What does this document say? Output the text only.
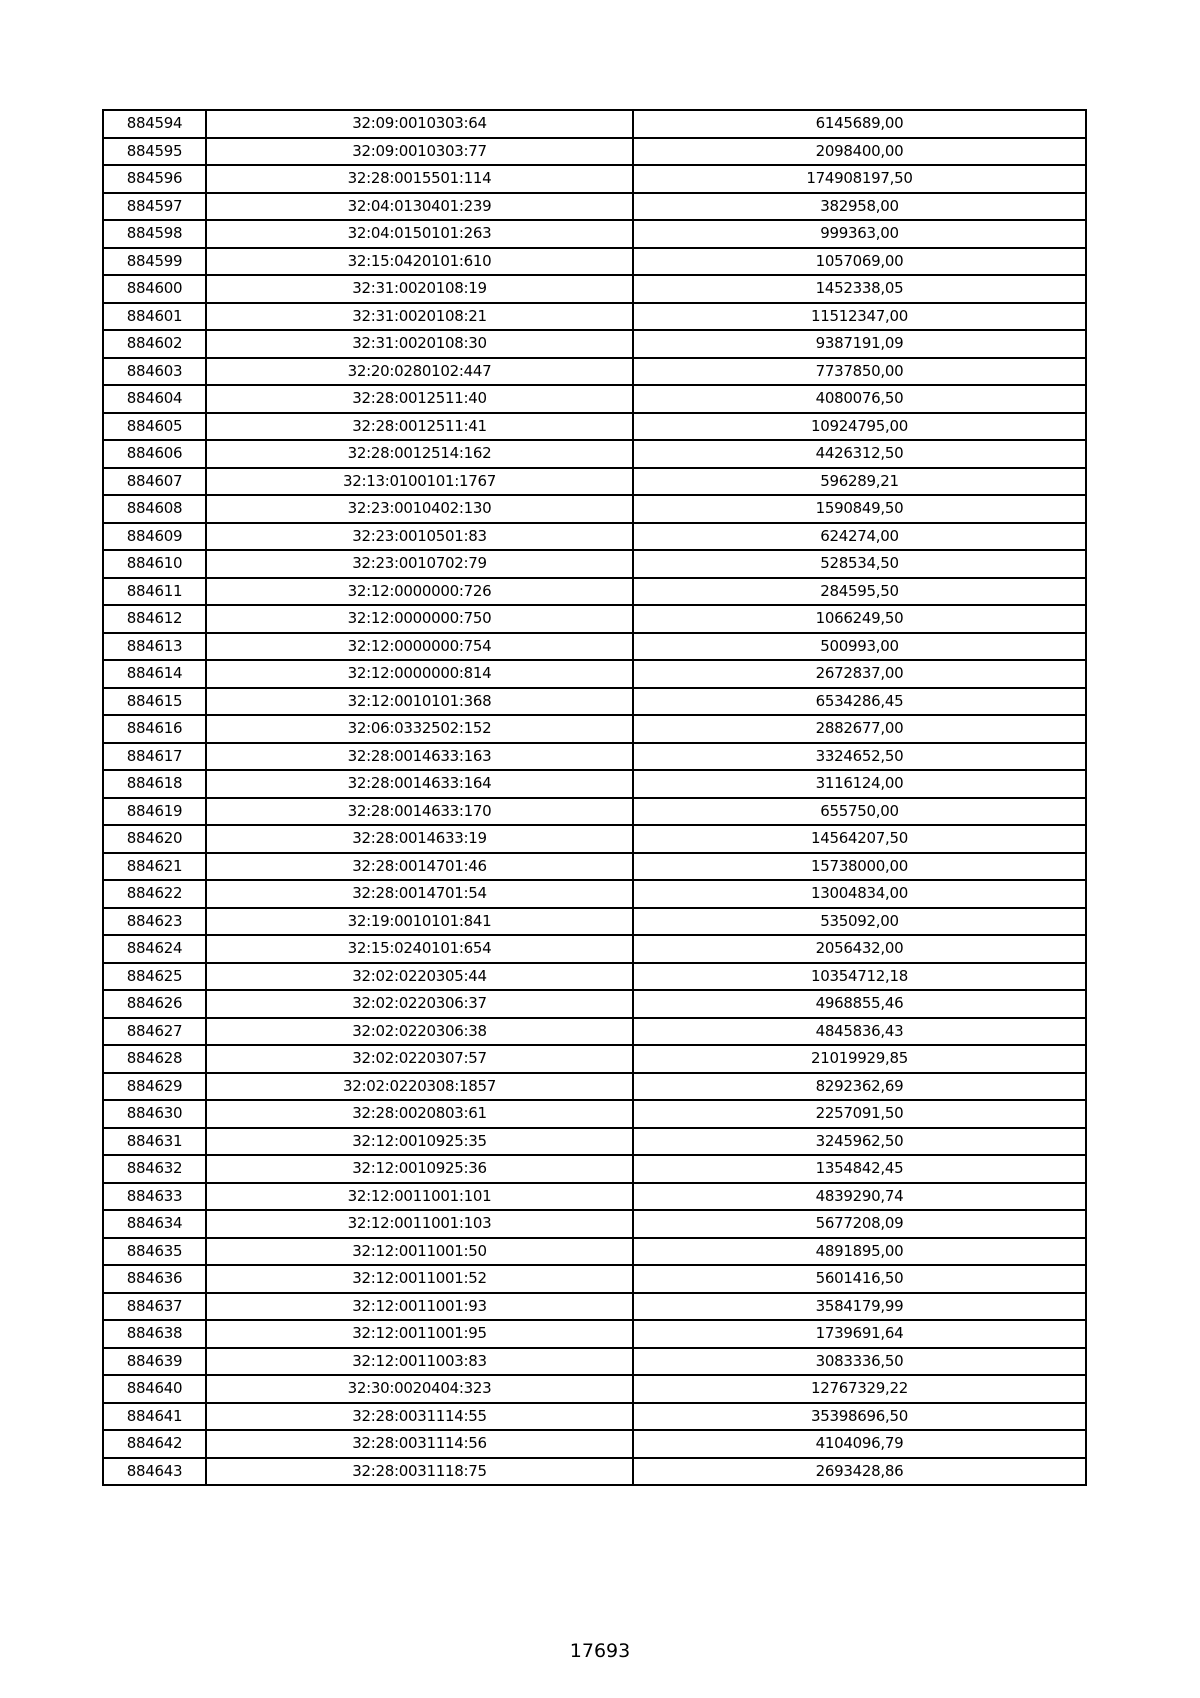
884594	32:09:0010303:64	6145689,00
884595	32:09:0010303:77	2098400,00
884596	32:28:0015501:114	174908197,50
884597	32:04:0130401:239	382958,00
884598	32:04:0150101:263	999363,00
884599	32:15:0420101:610	1057069,00
884600	32:31:0020108:19	1452338,05
884601	32:31:0020108:21	11512347,00
884602	32:31:0020108:30	9387191,09
884603	32:20:0280102:447	7737850,00
884604	32:28:0012511:40	4080076,50
884605	32:28:0012511:41	10924795,00
884606	32:28:0012514:162	4426312,50
884607	32:13:0100101:1767	596289,21
884608	32:23:0010402:130	1590849,50
884609	32:23:0010501:83	624274,00
884610	32:23:0010702:79	528534,50
884611	32:12:0000000:726	284595,50
884612	32:12:0000000:750	1066249,50
884613	32:12:0000000:754	500993,00
884614	32:12:0000000:814	2672837,00
884615	32:12:0010101:368	6534286,45
884616	32:06:0332502:152	2882677,00
884617	32:28:0014633:163	3324652,50
884618	32:28:0014633:164	3116124,00
884619	32:28:0014633:170	655750,00
884620	32:28:0014633:19	14564207,50
884621	32:28:0014701:46	15738000,00
884622	32:28:0014701:54	13004834,00
884623	32:19:0010101:841	535092,00
884624	32:15:0240101:654	2056432,00
884625	32:02:0220305:44	10354712,18
884626	32:02:0220306:37	4968855,46
884627	32:02:0220306:38	4845836,43
884628	32:02:0220307:57	21019929,85
884629	32:02:0220308:1857	8292362,69
884630	32:28:0020803:61	2257091,50
884631	32:12:0010925:35	3245962,50
884632	32:12:0010925:36	1354842,45
884633	32:12:0011001:101	4839290,74
884634	32:12:0011001:103	5677208,09
884635	32:12:0011001:50	4891895,00
884636	32:12:0011001:52	5601416,50
884637	32:12:0011001:93	3584179,99
884638	32:12:0011001:95	1739691,64
884639	32:12:0011003:83	3083336,50
884640	32:30:0020404:323	12767329,22
884641	32:28:0031114:55	35398696,50
884642	32:28:0031114:56	4104096,79
884643	32:28:0031118:75	2693428,86
17693
